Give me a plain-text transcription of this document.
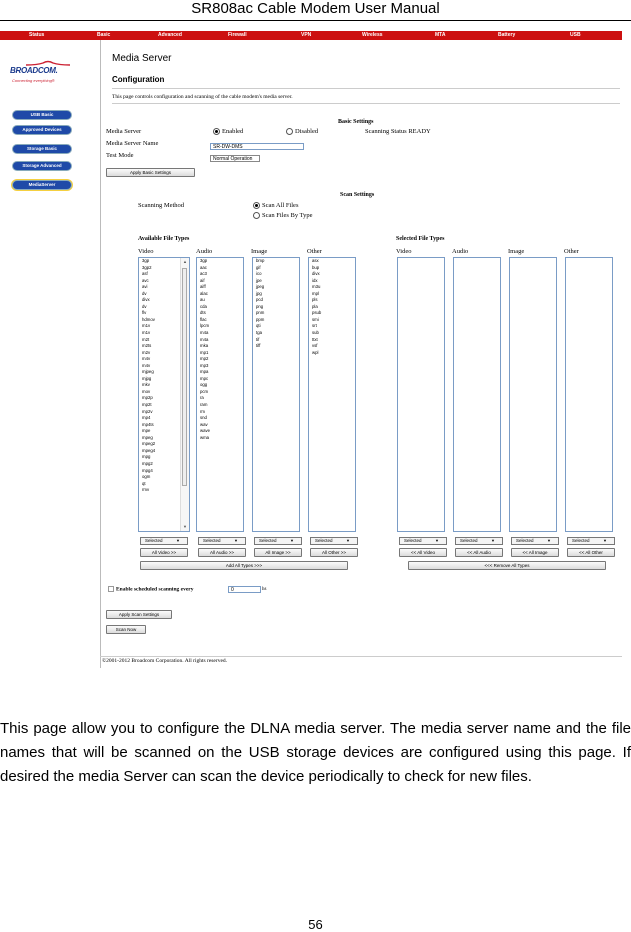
SR808ac Cable Modem User Manual
Status	Basic	Advanced	Firewall	VPN	Wireless	MTA	Battery	USB
BROADCOM.
Connecting everything®
USB Basic
Approved Devices
Storage Basic
Storage Advanced
MediaServer
Media Server
Configuration
This page controls configuration and scanning of the cable modem's media server.
Basic Settings
Media Server	Enabled	Disabled	Scanning Status READY
Media Server Name	SR-DW-DMS
Test Mode	Normal Operation
Apply Basic Settings
Scan Settings
Scanning Method	Scan All Files
Scan Files By Type
Available File Types	Selected File Types
Video	Audio	Image	Other	Video	Audio	Image	Other
3gp
3gp2
asf
avc
avi
dv
divx
dv
flv
hdmov
m1v
m1v
m2t
m2ts
m2v
m4v
m4v
mjpeg
mjpg
mkv
mov
mp2p
mp2t
mp2v
mp4
mp4ts
mpe
mpeg
mpeg2
mpeg4
mpg
mpg2
mpg4
ogm
qt
rmv
▲
▼
3gp
aac
ac3
aif
aiff
alac
au
cda
dts
flac
lpcm
m4a
m4a
mka
mp1
mp2
mp3
mpa
mpc
ogg
pcm
ra
ram
rm
snd
wav
wave
wma
bmp
gif
ico
jpe
jpeg
jpg
pcd
png
pnm
ppm
qti
tga
tif
tiff
asx
bup
divx
idx
m3u
mpl
pls
pla
psub
smi
srt
sub
ttxt
vsf
wpl
Selected	▼	Selected	▼	Selected	▼	Selected	▼	Selected	▼	Selected	▼	Selected	▼	Selected	▼
All Video >>	All Audio >>	All Image >>	All Other >>	<< All Video	<< All Audio	<< All Image	<< All Other
Add All Types >>>	<<< Remove All Types
Enable scheduled scanning every	0	hs
Apply Scan Settings
Scan Now
©2001-2012 Broadcom Corporation. All rights reserved.
This page allow you to configure the DLNA media server. The media server name and the file names that will be scanned on the USB storage devices are configured using this page. If desired the media Server can scan the device periodically to check for new files.
56
